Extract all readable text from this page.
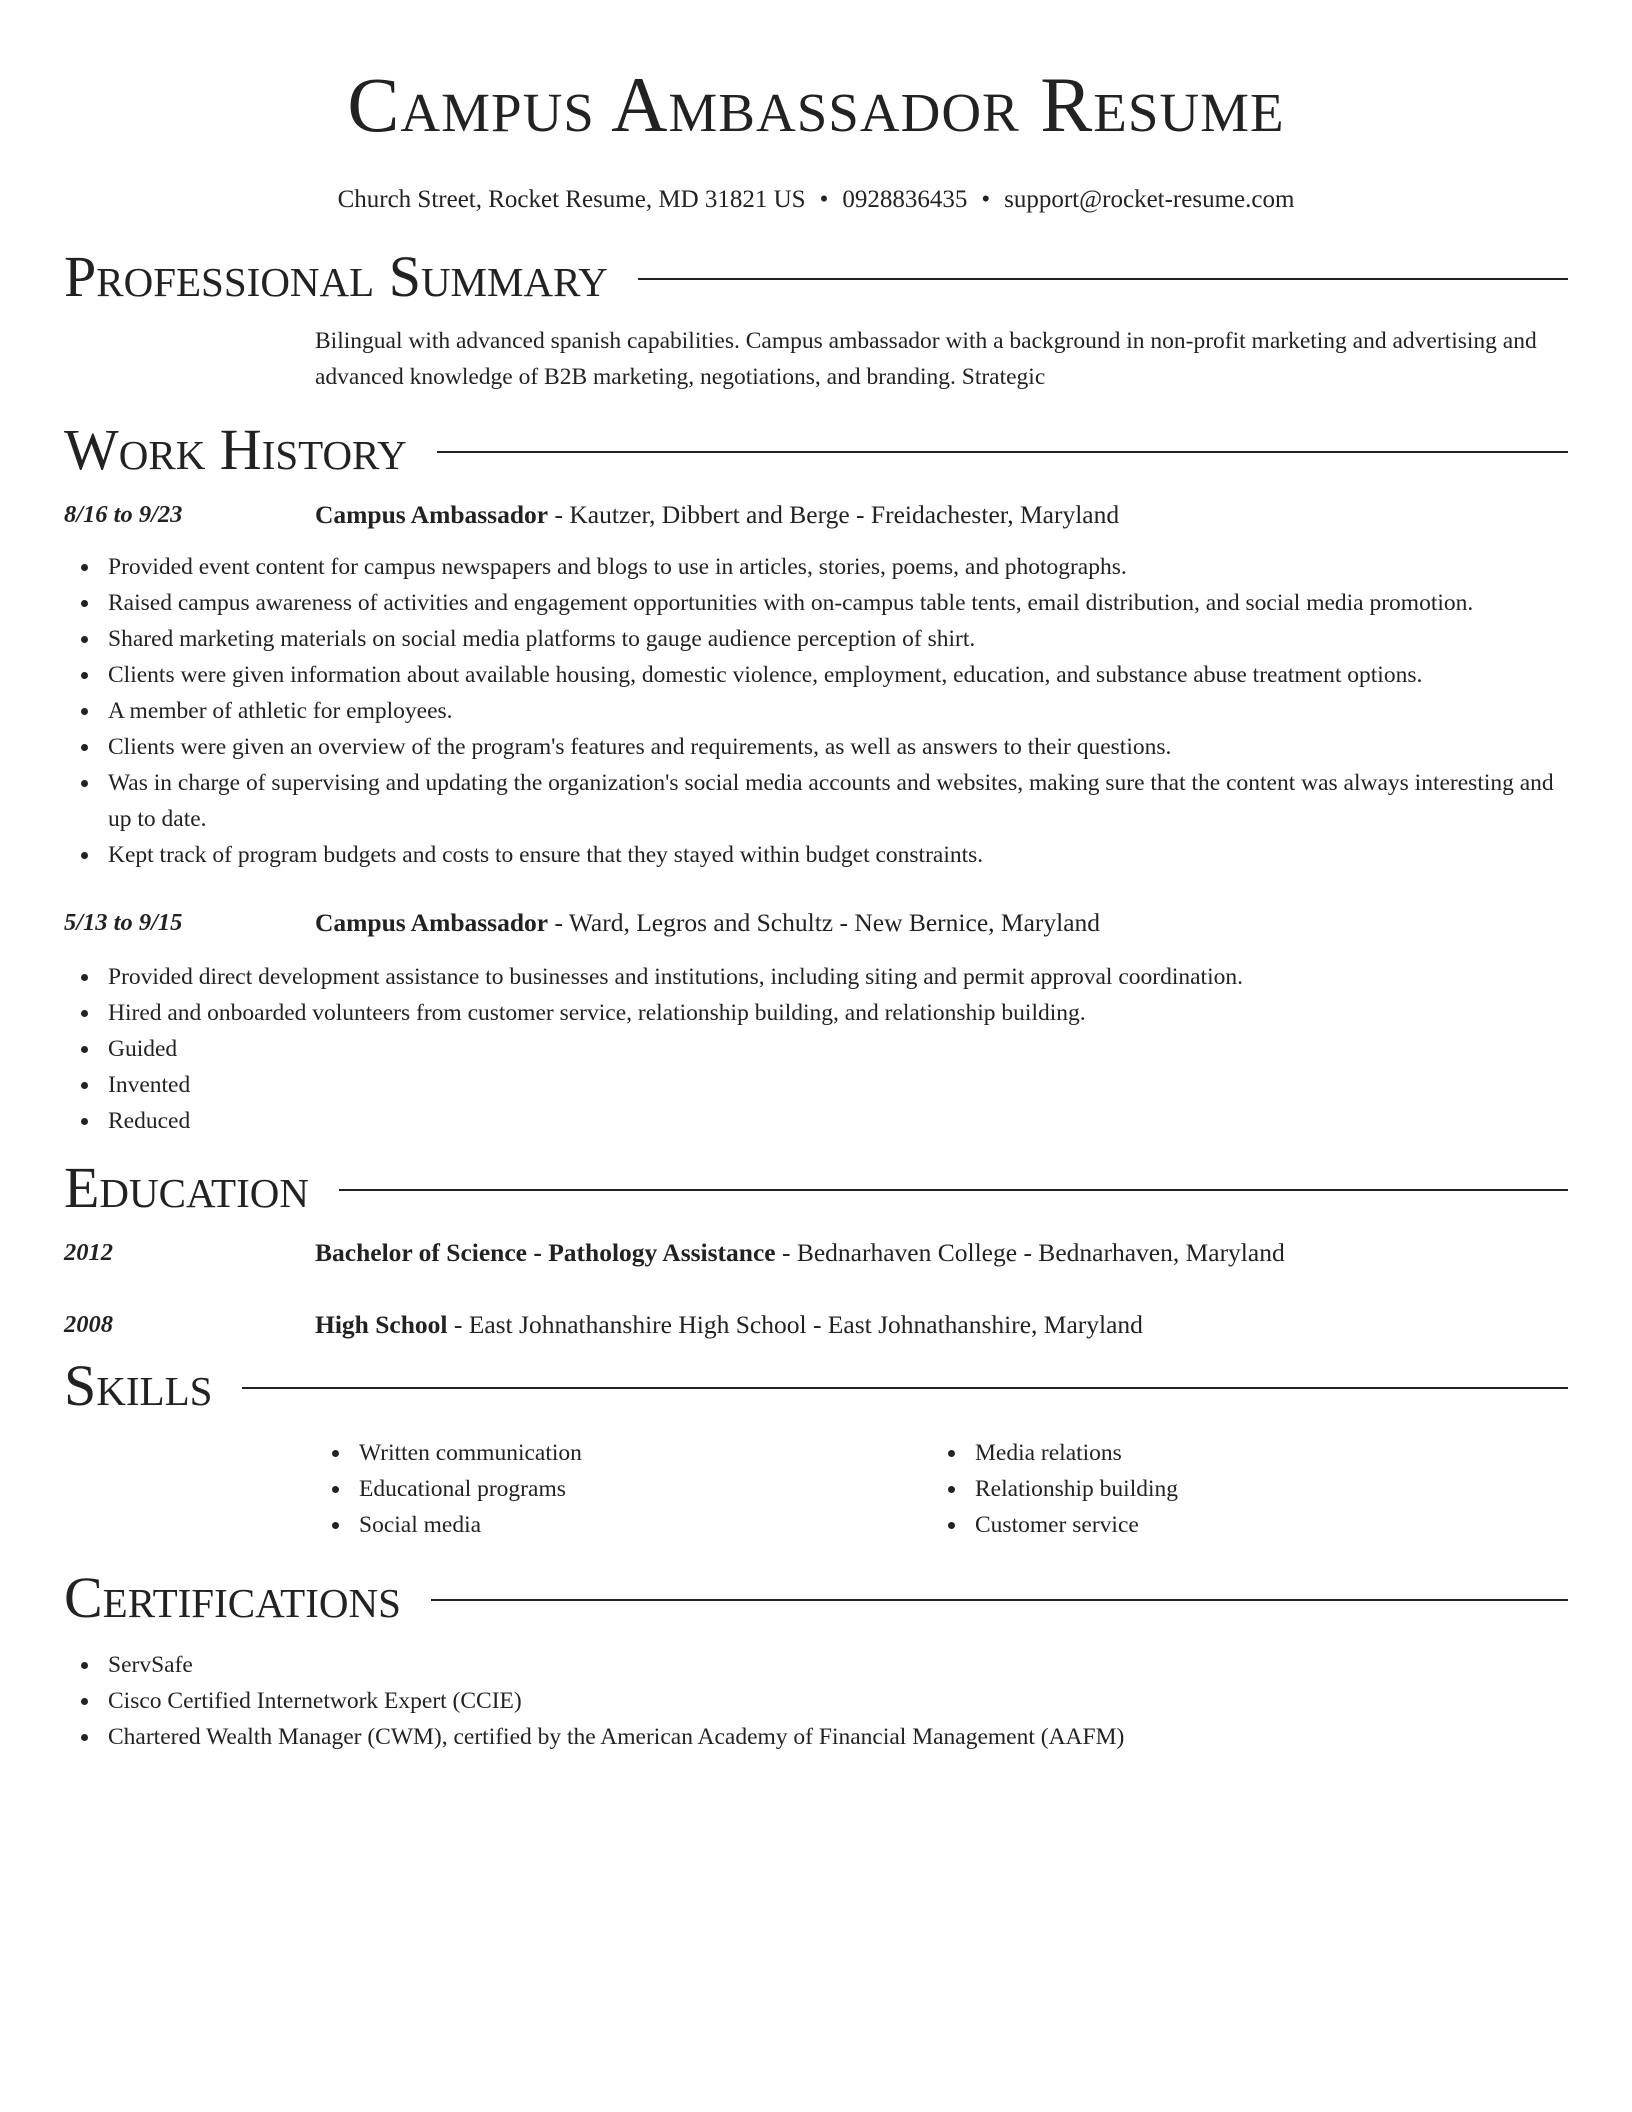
Campus Ambassador Resume
Church Street, Rocket Resume, MD 31821 US • 0928836435 • support@rocket-resume.com
Professional Summary

Bilingual with advanced spanish capabilities. Campus ambassador with a background in non-profit marketing and advertising and advanced knowledge of B2B marketing, negotiations, and branding. Strategic

Work History
8/16 to 9/23	Campus Ambassador - Kautzer, Dibbert and Berge - Freidachester, Maryland
Provided event content for campus newspapers and blogs to use in articles, stories, poems, and photographs.
Raised campus awareness of activities and engagement opportunities with on-campus table tents, email distribution, and social media promotion.
Shared marketing materials on social media platforms to gauge audience perception of shirt.
Clients were given information about available housing, domestic violence, employment, education, and substance abuse treatment options.
A member of athletic for employees.
Clients were given an overview of the program's features and requirements, as well as answers to their questions.
Was in charge of supervising and updating the organization's social media accounts and websites, making sure that the content was always interesting and up to date.
Kept track of program budgets and costs to ensure that they stayed within budget constraints.
5/13 to 9/15	Campus Ambassador - Ward, Legros and Schultz - New Bernice, Maryland
Provided direct development assistance to businesses and institutions, including siting and permit approval coordination.
Hired and onboarded volunteers from customer service, relationship building, and relationship building.
Guided
Invented
Reduced
Education
2012	Bachelor of Science - Pathology Assistance - Bednarhaven College - Bednarhaven, Maryland
2008	High School - East Johnathanshire High School - East Johnathanshire, Maryland
Skills
Written communication
Educational programs
Social media
Media relations
Relationship building
Customer service
Certifications
ServSafe
Cisco Certified Internetwork Expert (CCIE)
Chartered Wealth Manager (CWM), certified by the American Academy of Financial Management (AAFM)
